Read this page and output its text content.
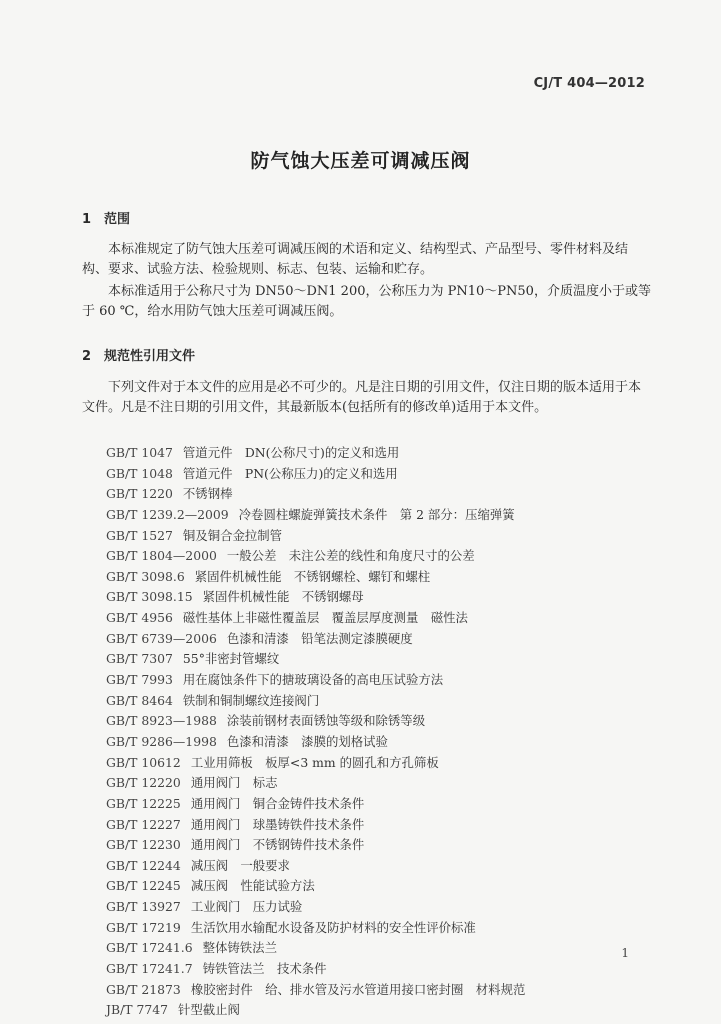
CJ/T 404—2012
防气蚀大压差可调减压阀
1 范围

本标准规定了防气蚀大压差可调减压阀的术语和定义、结构型式、产品型号、零件材料及结构、要求、试验方法、检验规则、标志、包装、运输和贮存。

本标准适用于公称尺寸为 DN50～DN1 200，公称压力为 PN10～PN50，介质温度小于或等于 60 ℃，给水用防气蚀大压差可调减压阀。

2 规范性引用文件

下列文件对于本文件的应用是必不可少的。凡是注日期的引用文件，仅注日期的版本适用于本文件。凡是不注日期的引用文件，其最新版本(包括所有的修改单)适用于本文件。

GB/T 1047 管道元件　DN(公称尺寸)的定义和选用
GB/T 1048 管道元件　PN(公称压力)的定义和选用
GB/T 1220 不锈钢棒
GB/T 1239.2—2009 冷卷圆柱螺旋弹簧技术条件　第 2 部分：压缩弹簧
GB/T 1527 铜及铜合金拉制管
GB/T 1804—2000 一般公差　未注公差的线性和角度尺寸的公差
GB/T 3098.6 紧固件机械性能　不锈钢螺栓、螺钉和螺柱
GB/T 3098.15 紧固件机械性能　不锈钢螺母
GB/T 4956 磁性基体上非磁性覆盖层　覆盖层厚度测量　磁性法
GB/T 6739—2006 色漆和清漆　铅笔法测定漆膜硬度
GB/T 7307 55°非密封管螺纹
GB/T 7993 用在腐蚀条件下的搪玻璃设备的高电压试验方法
GB/T 8464 铁制和铜制螺纹连接阀门
GB/T 8923—1988 涂装前钢材表面锈蚀等级和除锈等级
GB/T 9286—1998 色漆和清漆　漆膜的划格试验
GB/T 10612 工业用筛板　板厚<3 mm 的圆孔和方孔筛板
GB/T 12220 通用阀门　标志
GB/T 12225 通用阀门　铜合金铸件技术条件
GB/T 12227 通用阀门　球墨铸铁件技术条件
GB/T 12230 通用阀门　不锈钢铸件技术条件
GB/T 12244 减压阀　一般要求
GB/T 12245 减压阀　性能试验方法
GB/T 13927 工业阀门　压力试验
GB/T 17219 生活饮用水输配水设备及防护材料的安全性评价标准
GB/T 17241.6 整体铸铁法兰
GB/T 17241.7 铸铁管法兰　技术条件
GB/T 21873 橡胶密封件　给、排水管及污水管道用接口密封圈　材料规范
JB/T 7747 针型截止阀
1
